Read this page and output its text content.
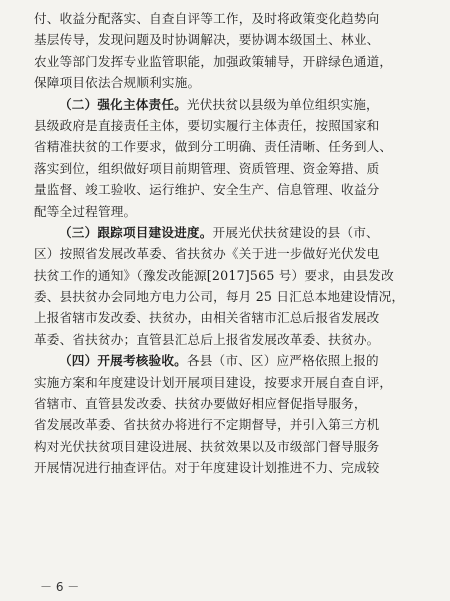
付、收益分配落实、自查自评等工作，及时将政策变化趋势向
基层传导，发现问题及时协调解决，要协调本级国土、林业、
农业等部门发挥专业监管职能，加强政策辅导，开辟绿色通道，
保障项目依法合规顺利实施。
（二）强化主体责任。光伏扶贫以县级为单位组织实施，
县级政府是直接责任主体，要切实履行主体责任，按照国家和
省精准扶贫的工作要求，做到分工明确、责任清晰、任务到人、
落实到位，组织做好项目前期管理、资质管理、资金筹措、质
量监督、竣工验收、运行维护、安全生产、信息管理、收益分
配等全过程管理。
（三）跟踪项目建设进度。开展光伏扶贫建设的县（市、
区）按照省发展改革委、省扶贫办《关于进一步做好光伏发电
扶贫工作的通知》（豫发改能源[2017]565 号）要求，由县发改
委、县扶贫办会同地方电力公司，每月 25 日汇总本地建设情况，
上报省辖市发改委、扶贫办，由相关省辖市汇总后报省发展改
革委、省扶贫办；直管县汇总后上报省发展改革委、扶贫办。
（四）开展考核验收。各县（市、区）应严格依照上报的
实施方案和年度建设计划开展项目建设，按要求开展自查自评，
省辖市、直管县发改委、扶贫办要做好相应督促指导服务，
省发展改革委、省扶贫办将进行不定期督导，并引入第三方机
构对光伏扶贫项目建设进展、扶贫效果以及市级部门督导服务
开展情况进行抽查评估。对于年度建设计划推进不力、完成较
－ 6 －
